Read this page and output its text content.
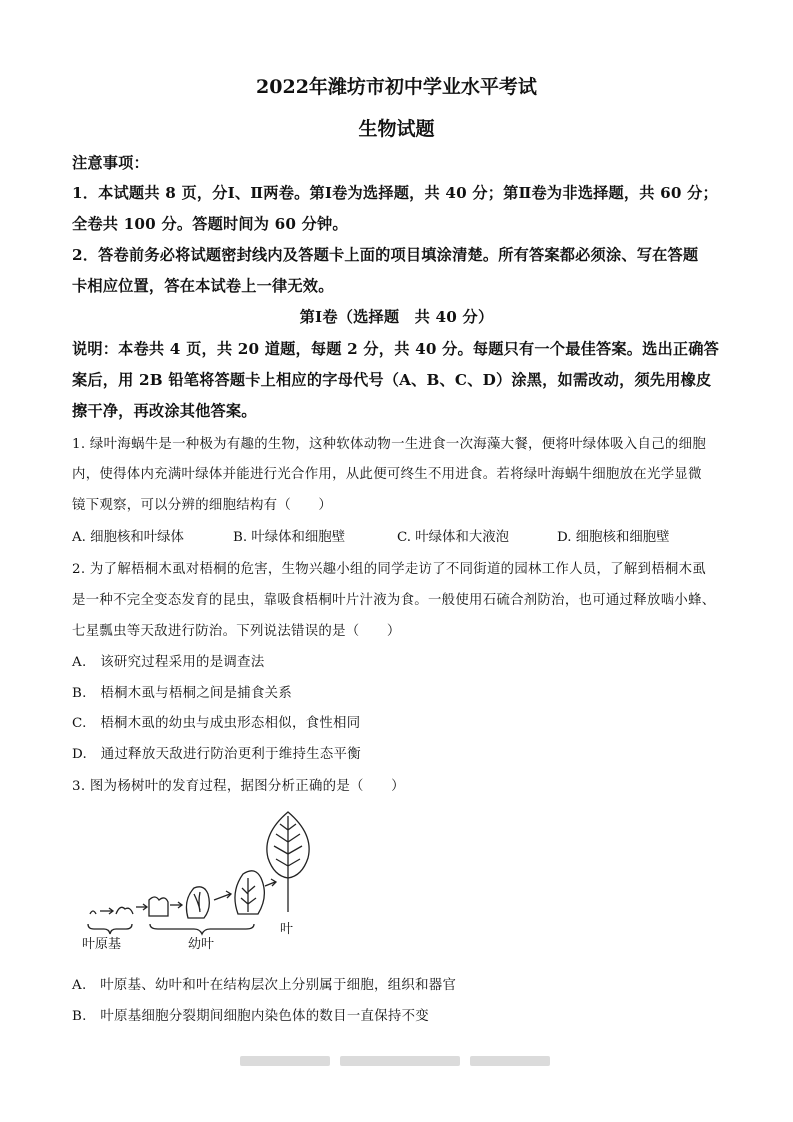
2022年潍坊市初中学业水平考试
生物试题
注意事项：
1．本试题共 8 页，分Ⅰ、Ⅱ两卷。第Ⅰ卷为选择题，共 40 分；第Ⅱ卷为非选择题，共 60 分；
全卷共 100 分。答题时间为 60 分钟。
2．答卷前务必将试题密封线内及答题卡上面的项目填涂清楚。所有答案都必须涂、写在答题
卡相应位置，答在本试卷上一律无效。
第Ⅰ卷（选择题　共 40 分）
说明：本卷共 4 页，共 20 道题，每题 2 分，共 40 分。每题只有一个最佳答案。选出正确答
案后，用 2B 铅笔将答题卡上相应的字母代号（A、B、C、D）涂黑，如需改动，须先用橡皮
擦干净，再改涂其他答案。
1. 绿叶海蜗牛是一种极为有趣的生物，这种软体动物一生进食一次海藻大餐，便将叶绿体吸入自己的细胞
内，使得体内充满叶绿体并能进行光合作用，从此便可终生不用进食。若将绿叶海蜗牛细胞放在光学显微
镜下观察，可以分辨的细胞结构有（　　）
A. 细胞核和叶绿体	B. 叶绿体和细胞壁	C. 叶绿体和大液泡	D. 细胞核和细胞壁
2. 为了解梧桐木虱对梧桐的危害，生物兴趣小组的同学走访了不同街道的园林工作人员，了解到梧桐木虱
是一种不完全变态发育的昆虫，靠吸食梧桐叶片汁液为食。一般使用石硫合剂防治，也可通过释放啮小蜂、
七星瓢虫等天敌进行防治。下列说法错误的是（　　）
A.　该研究过程采用的是调查法
B.　梧桐木虱与梧桐之间是捕食关系
C.　梧桐木虱的幼虫与成虫形态相似，食性相同
D.　通过释放天敌进行防治更利于维持生态平衡
3. 图为杨树叶的发育过程，据图分析正确的是（　　）
叶原基	幼叶
叶
A.　叶原基、幼叶和叶在结构层次上分别属于细胞，组织和器官
B.　叶原基细胞分裂期间细胞内染色体的数目一直保持不变
